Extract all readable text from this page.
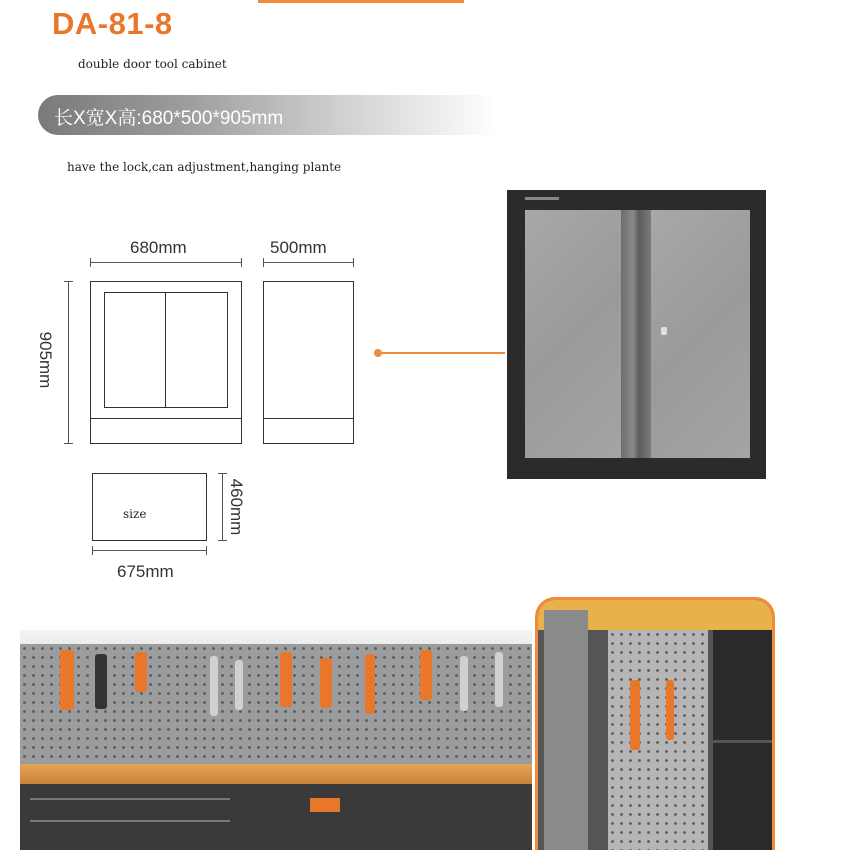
DA-81-8
double door tool cabinet
长X宽X高:680*500*905mm
have the lock,can adjustment,hanging plante
680mm
905mm
500mm
size	460mm
675mm
